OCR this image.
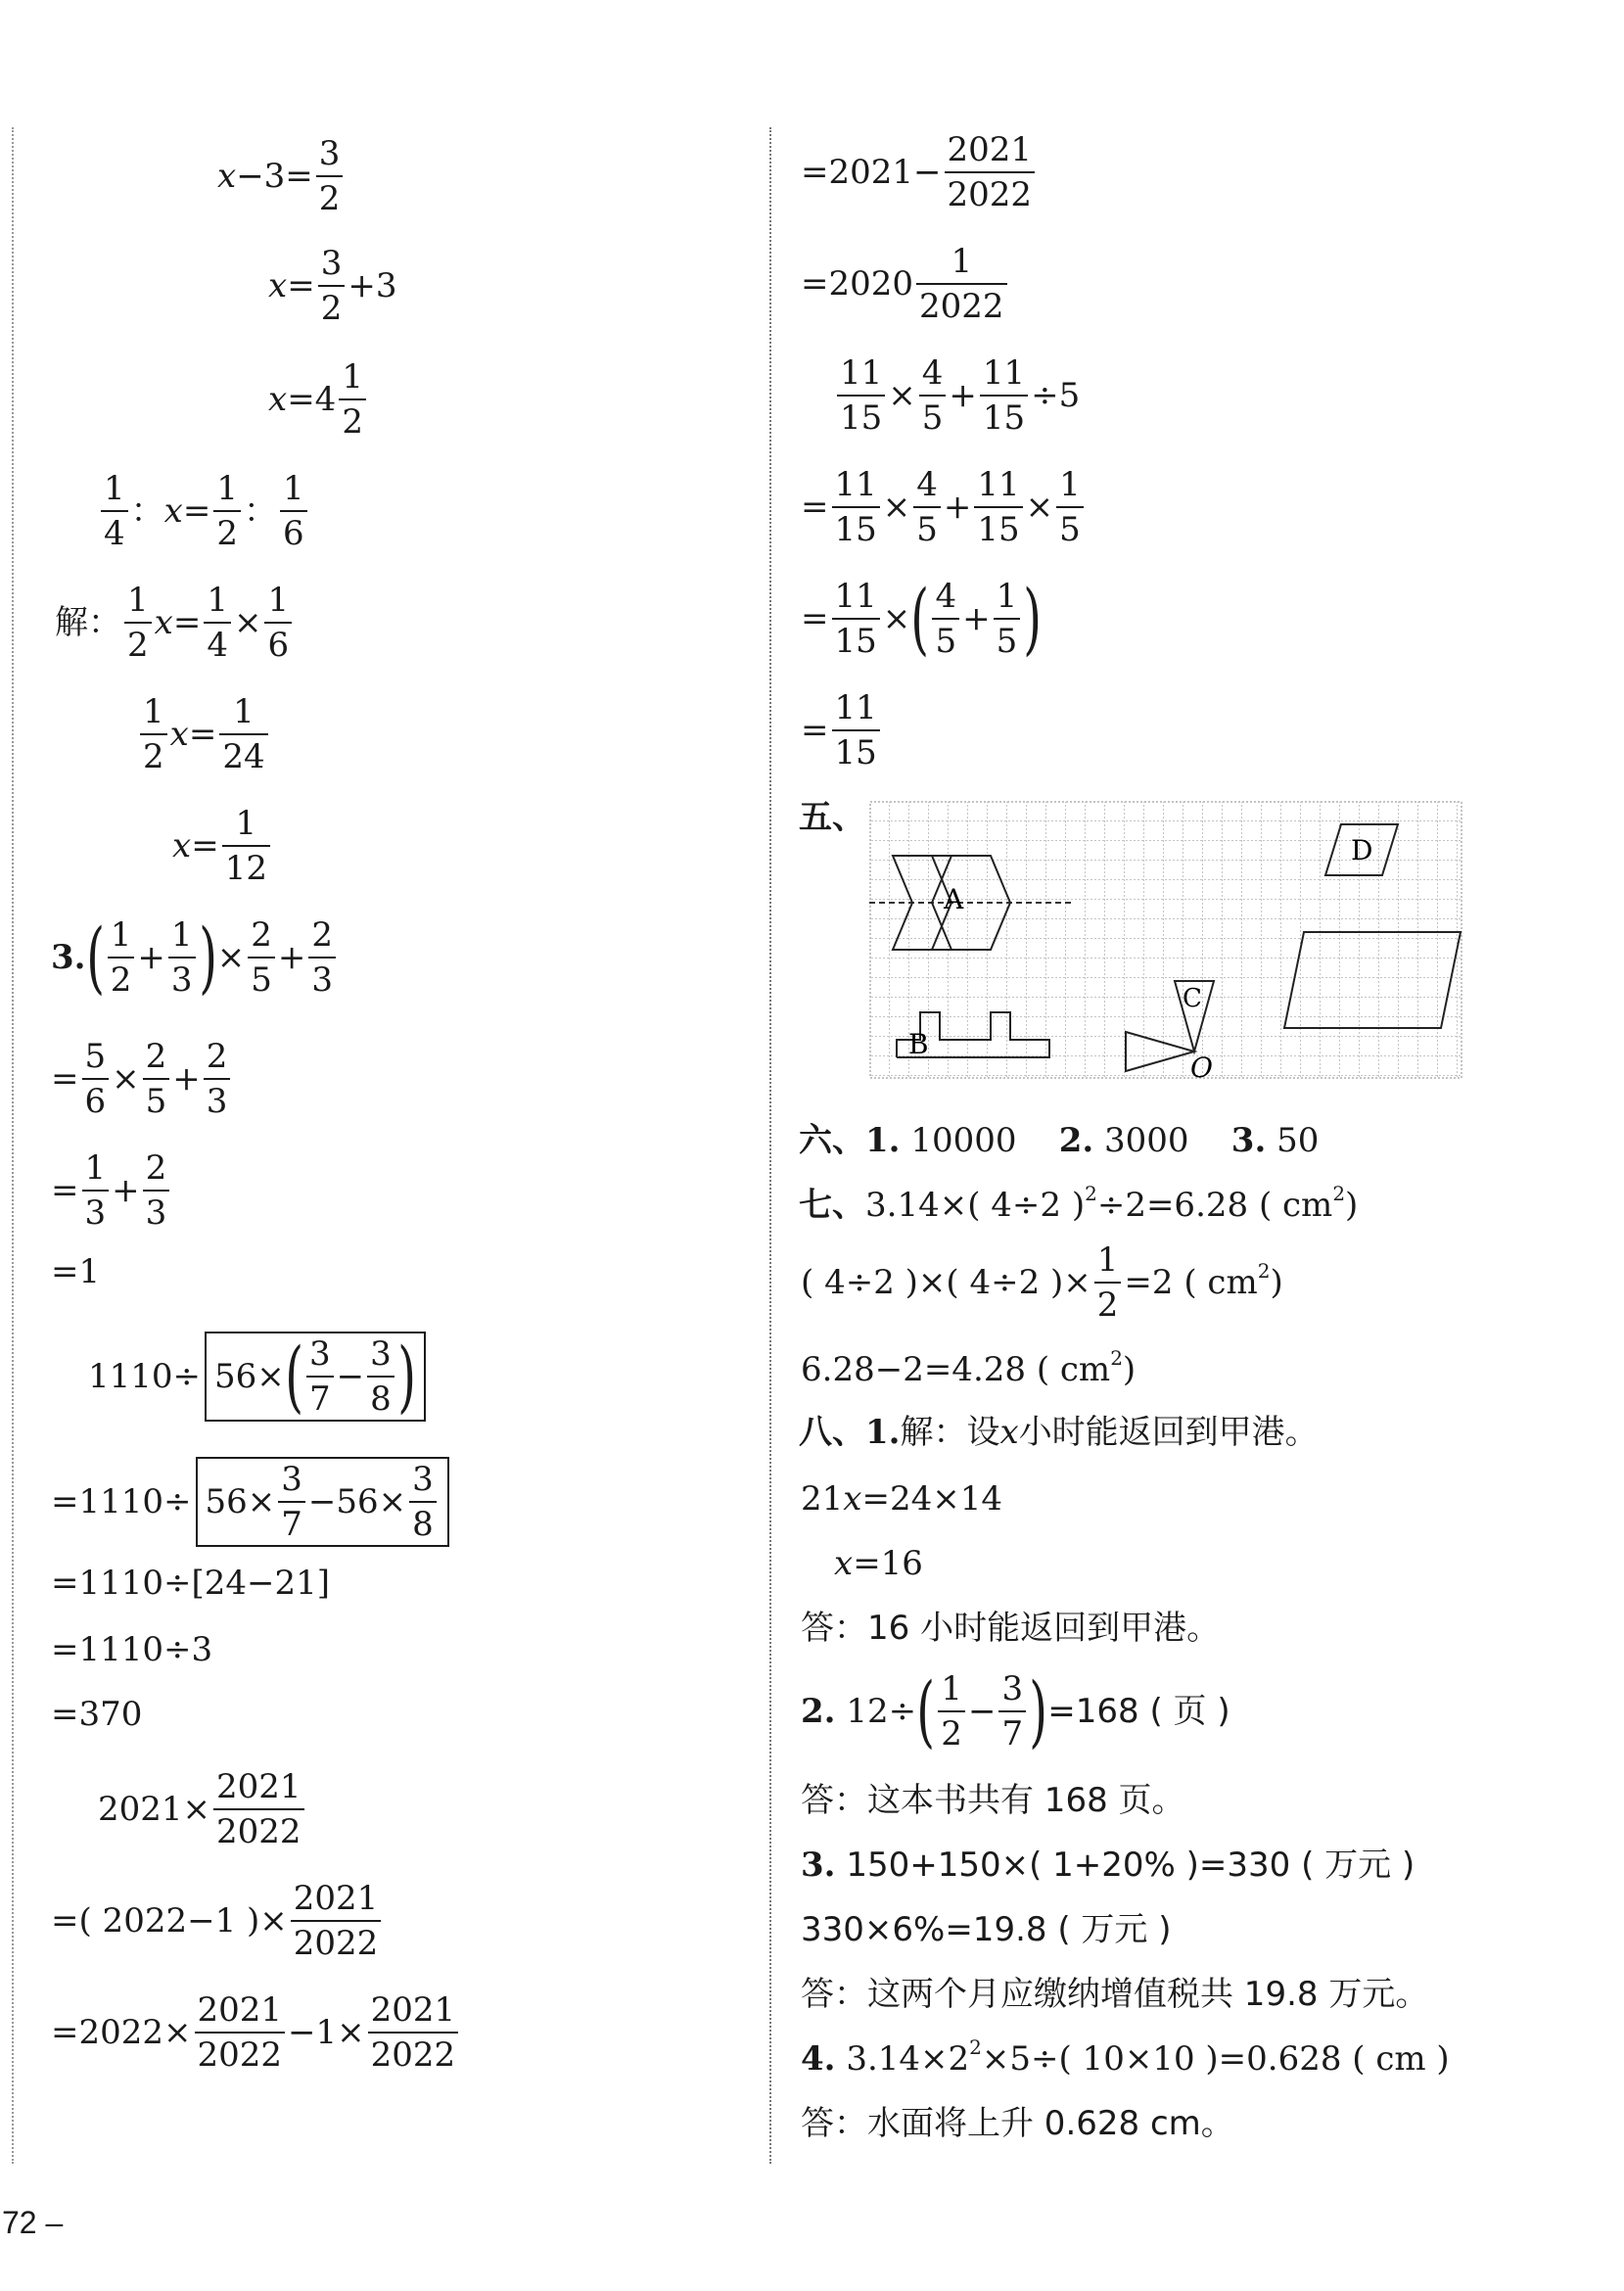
$x -3= \frac{3}{2}$
$x = \frac{3}{2} +3$
x =4
1
2
1
4
： $x = \frac{1}{2}$ ：
1
6
解：
1
2
$x = \frac{1}{4} \times \frac{1}{6}$
1
2
$x = \frac{1}{24}$
$x = \frac{1}{12}$
3. ( 1
2
+ $\frac{1}{3}$ ) × $\frac{2}{5} + \frac{2}{3}$
= $\frac{5}{6} \times \frac{2}{5} + \frac{2}{3}$
= $\frac{1}{3} + \frac{2}{3}$
=1
1110÷ 56× ( 3
7
− $\frac{3}{8}$ )
$=1110\div 56\times \frac{3}{7} -56\times \frac{3}{8}$
=1110÷[24−21]
=1110÷3
=370
$2021\times \frac{2021}{2022}$
=( 2022−1 )× $\frac{2021}{2022}$
$=2022\times \frac{2021}{2022} -1\times \frac{2021}{2022}$
$=2021- \frac{2021}{2022}$
=2020
1
2022
$\frac{11}{15} \times \frac{4}{5} + \frac{11}{15} \div 5$
= $\frac{11}{15} \times \frac{4}{5} + \frac{11}{15} \times \frac{1}{5}$
= $\frac{11}{15}$ × ( 4
5
+ $\frac{1}{5}$ )
= $\frac{11}{15}$
五、
A
D
B
C
O
六、 1.
10000
2.
3000
3.
50
七、 3.14×( 4÷2 ) 2 ÷2=6.28 ( cm 2 )
( 4÷2 )×( 4÷2 )× $\frac{1}{2} =2$ ( cm 2 )
6.28−2=4.28 ( cm 2 )
八、 1. 解：设 x 小时能返回到甲港。
21 x =24×14
x =16
答：16 小时能返回到甲港。
2.
12÷ ( 1
2
− $\frac{3}{7}$ ) =168 ( 页 )
答：这本书共有 168 页。
3.
150+150×( 1+20% )=330 ( 万元 )
330×6%=19.8 ( 万元 )
答：这两个月应缴纳增值税共 19.8 万元。
4.
3.14×2 2 ×5÷( 10×10 )=0.628 ( cm )
答：水面将上升 0.628 cm。
72 –
